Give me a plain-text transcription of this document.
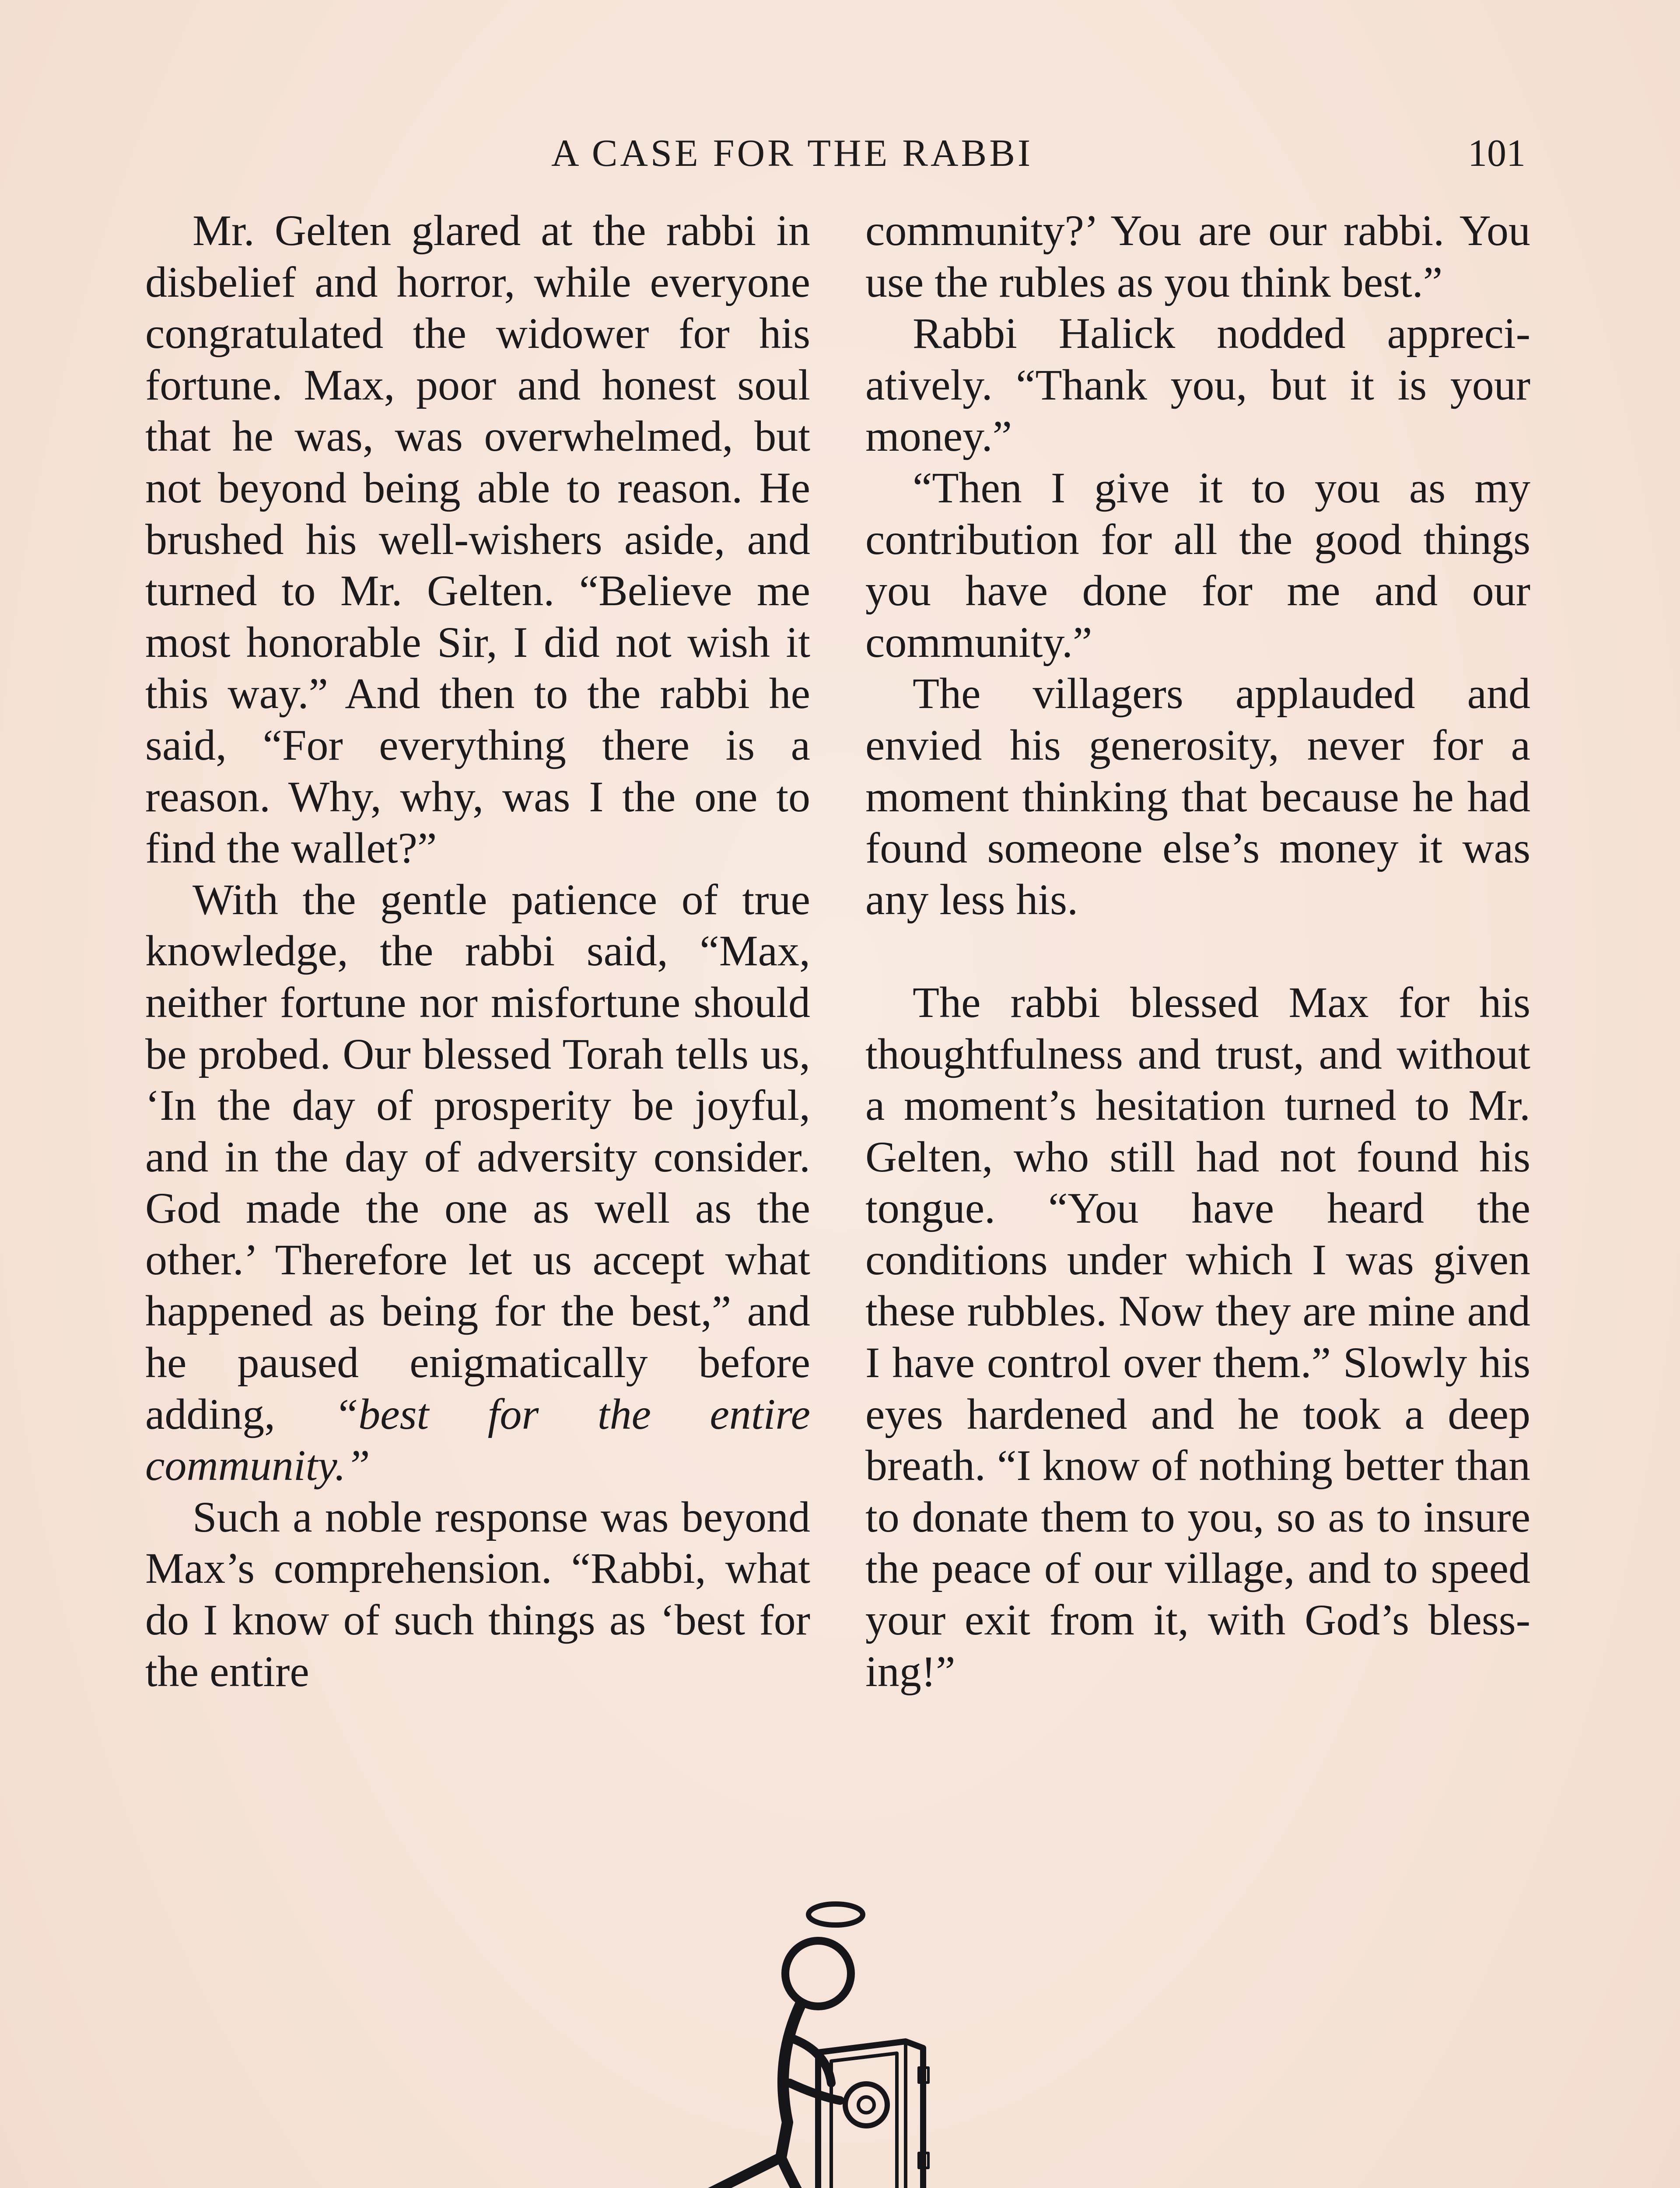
A CASE FOR THE RABBI	101

Mr. Gelten glared at the rabbi in disbelief and horror, while everyone congratulated the widower for his fortune. Max, poor and honest soul that he was, was overwhelmed, but not beyond being able to reason. He brushed his well-wishers aside, and turned to Mr. Gelten. “Believe me most honorable Sir, I did not wish it this way.” And then to the rabbi he said, “For everything there is a reason. Why, why, was I the one to find the wallet?”

With the gentle patience of true knowledge, the rabbi said, “Max, neither fortune nor misfortune should be probed. Our blessed Torah tells us, ‘In the day of prosperity be joyful, and in the day of adversity consider. God made the one as well as the other.’ Therefore let us accept what happened as being for the best,” and he paused enigmatically before adding, “best for the entire community.”

Such a noble response was beyond Max’s comprehension. “Rabbi, what do I know of such things as ‘best for the entire

community?’ You are our rabbi. You use the rubles as you think best.”

Rabbi Halick nodded appreciatively. “Thank you, but it is your money.”

“Then I give it to you as my contribution for all the good things you have done for me and our community.”

The villagers applauded and envied his generosity, never for a moment thinking that because he had found someone else’s money it was any less his.

The rabbi blessed Max for his thoughtfulness and trust, and without a moment’s hesitation turned to Mr. Gelten, who still had not found his tongue. “You have heard the conditions under which I was given these rubbles. Now they are mine and I have control over them.” Slowly his eyes hardened and he took a deep breath. “I know of nothing better than to donate them to you, so as to insure the peace of our village, and to speed your exit from it, with God’s blessing!”
